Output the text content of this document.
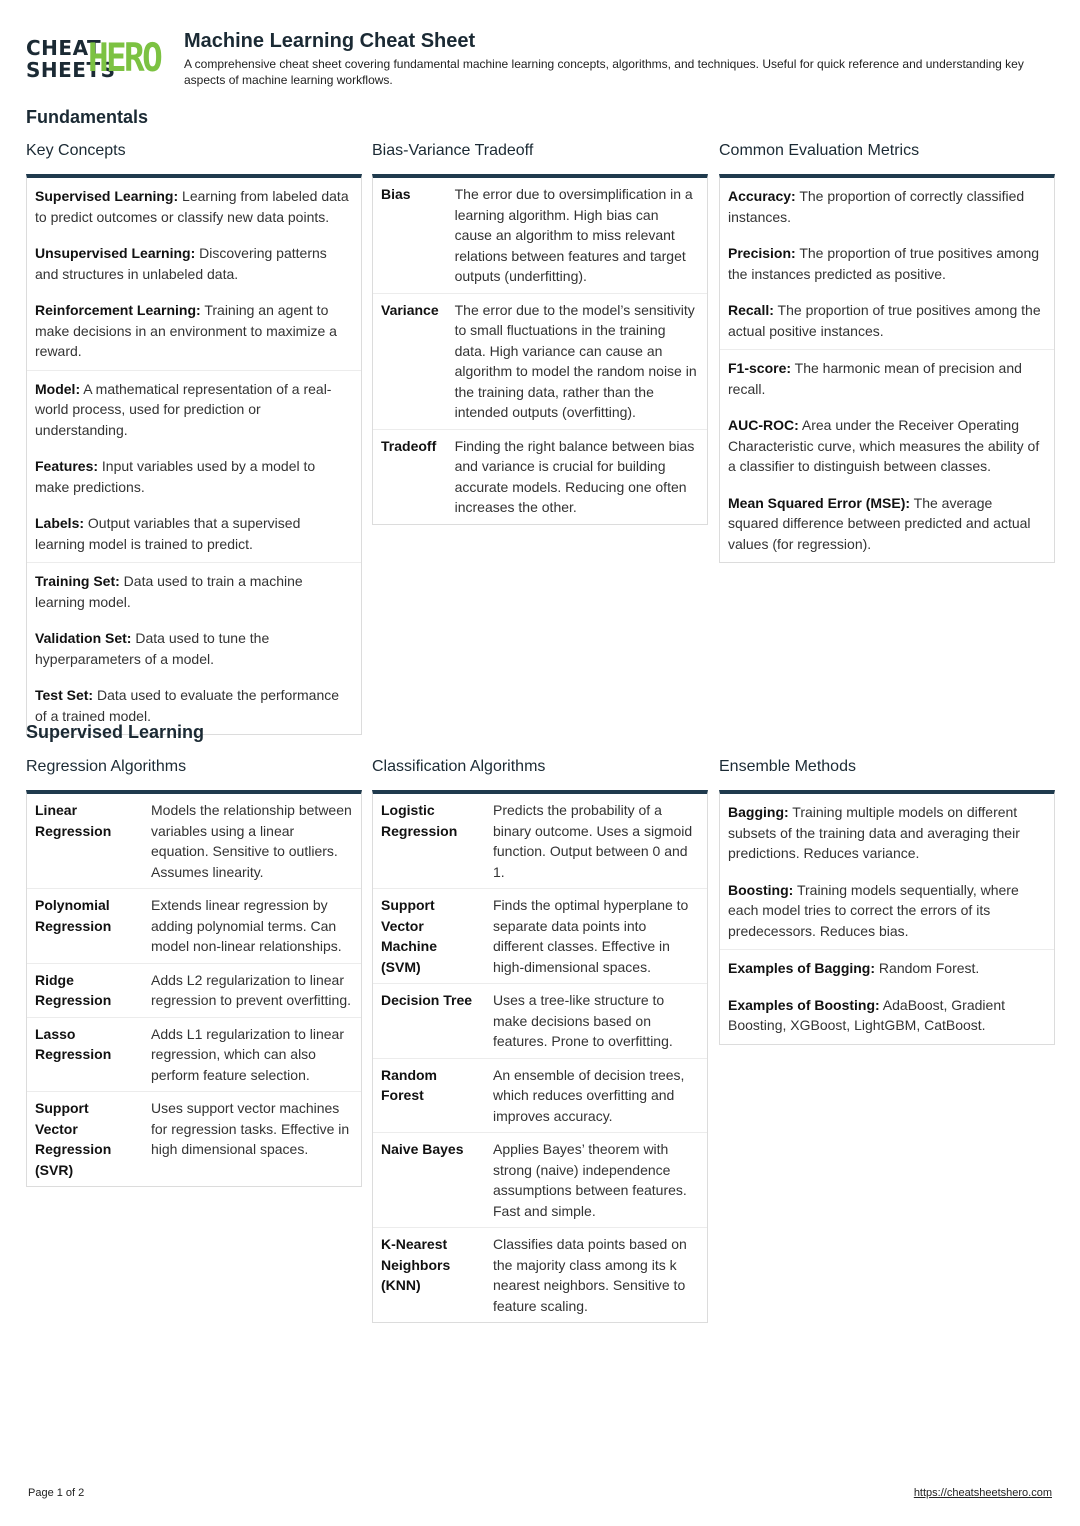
CHEAT
SHEETS
HERO Machine Learning Cheat Sheet
A comprehensive cheat sheet covering fundamental machine learning concepts, algorithms, and techniques. Useful for quick reference and understanding key aspects of machine learning workflows.
Fundamentals
Key Concepts
Supervised Learning: Learning from labeled data to predict outcomes or classify new data points.
Unsupervised Learning: Discovering patterns and structures in unlabeled data.
Reinforcement Learning: Training an agent to make decisions in an environment to maximize a reward.
Model: A mathematical representation of a real-world process, used for prediction or understanding.
Features: Input variables used by a model to make predictions.
Labels: Output variables that a supervised learning model is trained to predict.
Training Set: Data used to train a machine learning model.
Validation Set: Data used to tune the hyperparameters of a model.
Test Set: Data used to evaluate the performance of a trained model.
Bias-Variance Tradeoff
Bias	The error due to oversimplification in a learning algorithm. High bias can cause an algorithm to miss relevant relations between features and target outputs (underfitting).
Variance	The error due to the model’s sensitivity to small fluctuations in the training data. High variance can cause an algorithm to model the random noise in the training data, rather than the intended outputs (overfitting).
Tradeoff	Finding the right balance between bias and variance is crucial for building accurate models. Reducing one often increases the other.
Common Evaluation Metrics
Accuracy: The proportion of correctly classified instances.
Precision: The proportion of true positives among the instances predicted as positive.
Recall: The proportion of true positives among the actual positive instances.
F1-score: The harmonic mean of precision and recall.
AUC-ROC: Area under the Receiver Operating Characteristic curve, which measures the ability of a classifier to distinguish between classes.
Mean Squared Error (MSE): The average squared difference between predicted and actual values (for regression).
Supervised Learning
Regression Algorithms
Linear Regression	Models the relationship between variables using a linear equation. Sensitive to outliers. Assumes linearity.
Polynomial Regression	Extends linear regression by adding polynomial terms. Can model non-linear relationships.
Ridge Regression	Adds L2 regularization to linear regression to prevent overfitting.
Lasso Regression	Adds L1 regularization to linear regression, which can also perform feature selection.
Support Vector Regression (SVR)	Uses support vector machines for regression tasks. Effective in high dimensional spaces.
Classification Algorithms
Logistic Regression	Predicts the probability of a binary outcome. Uses a sigmoid function. Output between 0 and 1.
Support Vector Machine (SVM)	Finds the optimal hyperplane to separate data points into different classes. Effective in high-dimensional spaces.
Decision Tree	Uses a tree-like structure to make decisions based on features. Prone to overfitting.
Random Forest	An ensemble of decision trees, which reduces overfitting and improves accuracy.
Naive Bayes	Applies Bayes’ theorem with strong (naive) independence assumptions between features. Fast and simple.
K-Nearest Neighbors (KNN)	Classifies data points based on the majority class among its k nearest neighbors. Sensitive to feature scaling.
Ensemble Methods
Bagging: Training multiple models on different subsets of the training data and averaging their predictions. Reduces variance.
Boosting: Training models sequentially, where each model tries to correct the errors of its predecessors. Reduces bias.
Examples of Bagging: Random Forest.
Examples of Boosting: AdaBoost, Gradient Boosting, XGBoost, LightGBM, CatBoost.
Page 1 of 2	https://cheatsheetshero.com
